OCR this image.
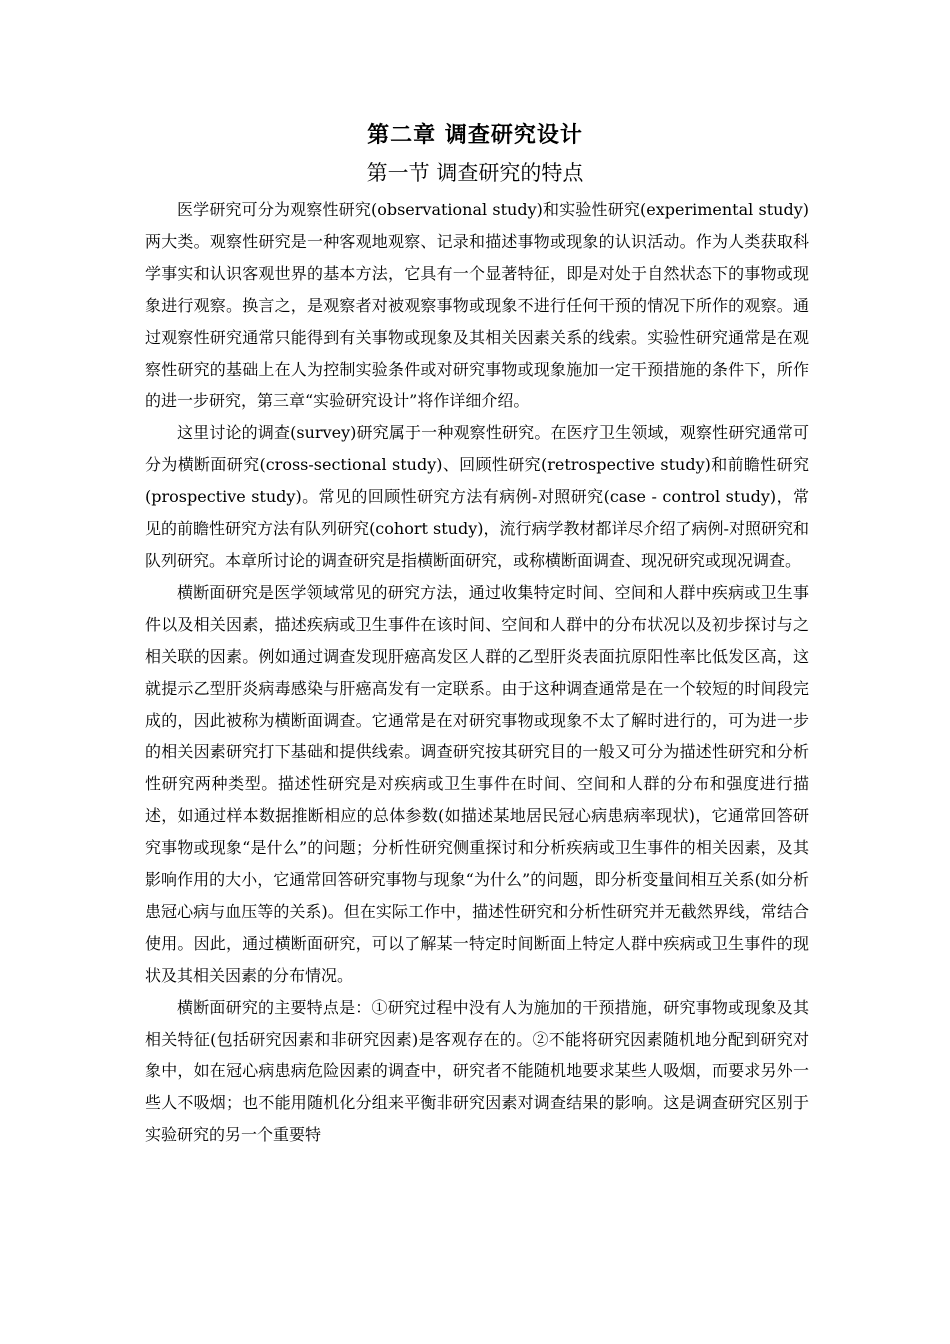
第二章 调查研究设计
第一节 调查研究的特点

医学研究可分为观察性研究(observational study)和实验性研究(experimental study)两大类。观察性研究是一种客观地观察、记录和描述事物或现象的认识活动。作为人类获取科学事实和认识客观世界的基本方法，它具有一个显著特征，即是对处于自然状态下的事物或现象进行观察。换言之，是观察者对被观察事物或现象不进行任何干预的情况下所作的观察。通过观察性研究通常只能得到有关事物或现象及其相关因素关系的线索。实验性研究通常是在观察性研究的基础上在人为控制实验条件或对研究事物或现象施加一定干预措施的条件下，所作的进一步研究，第三章“实验研究设计”将作详细介绍。

这里讨论的调查(survey)研究属于一种观察性研究。在医疗卫生领域，观察性研究通常可分为横断面研究(cross-sectional study)、回顾性研究(retrospective study)和前瞻性研究(prospective study)。常见的回顾性研究方法有病例-对照研究(case - control study)，常见的前瞻性研究方法有队列研究(cohort study)，流行病学教材都详尽介绍了病例-对照研究和队列研究。本章所讨论的调查研究是指横断面研究，或称横断面调查、现况研究或现况调查。

横断面研究是医学领域常见的研究方法，通过收集特定时间、空间和人群中疾病或卫生事件以及相关因素，描述疾病或卫生事件在该时间、空间和人群中的分布状况以及初步探讨与之相关联的因素。例如通过调查发现肝癌高发区人群的乙型肝炎表面抗原阳性率比低发区高，这就提示乙型肝炎病毒感染与肝癌高发有一定联系。由于这种调查通常是在一个较短的时间段完成的，因此被称为横断面调查。它通常是在对研究事物或现象不太了解时进行的，可为进一步的相关因素研究打下基础和提供线索。调查研究按其研究目的一般又可分为描述性研究和分析性研究两种类型。描述性研究是对疾病或卫生事件在时间、空间和人群的分布和强度进行描述，如通过样本数据推断相应的总体参数(如描述某地居民冠心病患病率现状)，它通常回答研究事物或现象“是什么”的问题；分析性研究侧重探讨和分析疾病或卫生事件的相关因素，及其影响作用的大小，它通常回答研究事物与现象“为什么”的问题，即分析变量间相互关系(如分析患冠心病与血压等的关系)。但在实际工作中，描述性研究和分析性研究并无截然界线，常结合使用。因此，通过横断面研究，可以了解某一特定时间断面上特定人群中疾病或卫生事件的现状及其相关因素的分布情况。

横断面研究的主要特点是：①研究过程中没有人为施加的干预措施，研究事物或现象及其相关特征(包括研究因素和非研究因素)是客观存在的。②不能将研究因素随机地分配到研究对象中，如在冠心病患病危险因素的调查中，研究者不能随机地要求某些人吸烟，而要求另外一些人不吸烟；也不能用随机化分组来平衡非研究因素对调查结果的影响。这是调查研究区别于实验研究的另一个重要特
